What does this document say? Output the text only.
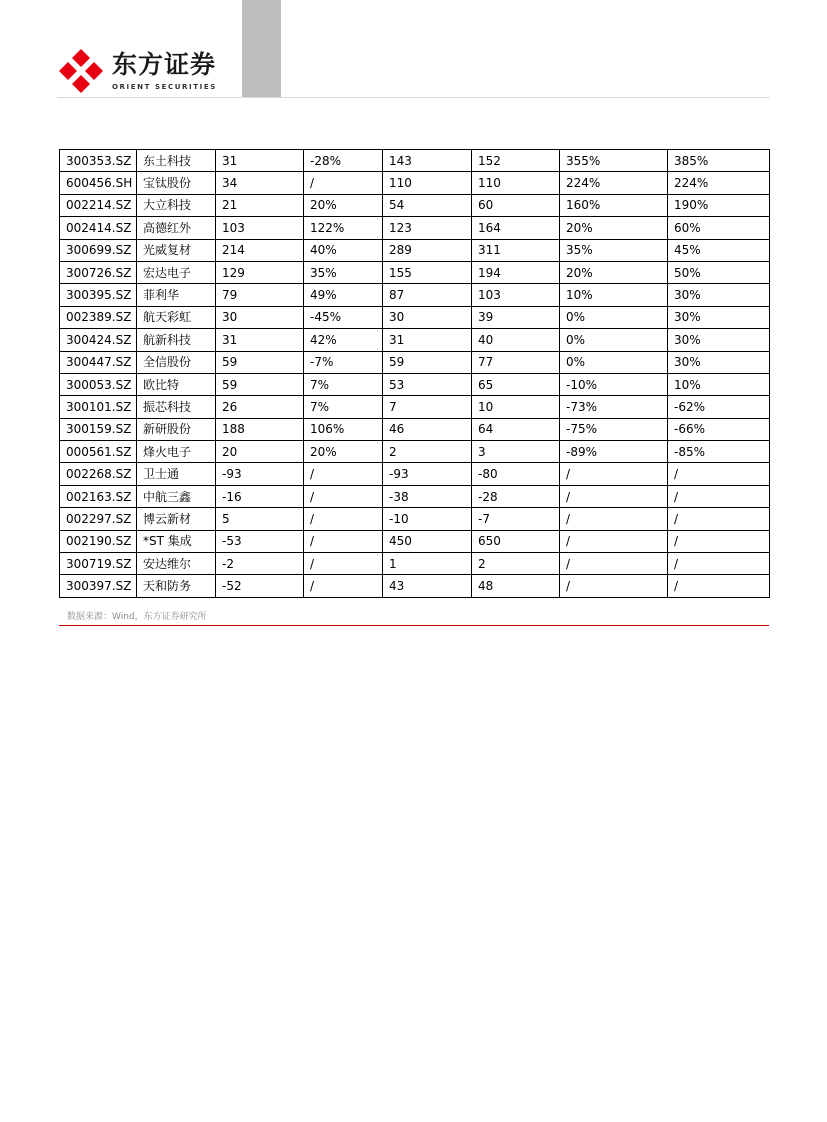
东方证券
ORIENT SECURITIES
300353.SZ	东土科技	31	-28%	143	152	355%	385%
600456.SH	宝钛股份	34	/	110	110	224%	224%
002214.SZ	大立科技	21	20%	54	60	160%	190%
002414.SZ	高德红外	103	122%	123	164	20%	60%
300699.SZ	光威复材	214	40%	289	311	35%	45%
300726.SZ	宏达电子	129	35%	155	194	20%	50%
300395.SZ	菲利华	79	49%	87	103	10%	30%
002389.SZ	航天彩虹	30	-45%	30	39	0%	30%
300424.SZ	航新科技	31	42%	31	40	0%	30%
300447.SZ	全信股份	59	-7%	59	77	0%	30%
300053.SZ	欧比特	59	7%	53	65	-10%	10%
300101.SZ	振芯科技	26	7%	7	10	-73%	-62%
300159.SZ	新研股份	188	106%	46	64	-75%	-66%
000561.SZ	烽火电子	20	20%	2	3	-89%	-85%
002268.SZ	卫士通	-93	/	-93	-80	/	/
002163.SZ	中航三鑫	-16	/	-38	-28	/	/
002297.SZ	博云新材	5	/	-10	-7	/	/
002190.SZ	*ST 集成	-53	/	450	650	/	/
300719.SZ	安达维尔	-2	/	1	2	/	/
300397.SZ	天和防务	-52	/	43	48	/	/
数据来源：Wind，东方证券研究所
